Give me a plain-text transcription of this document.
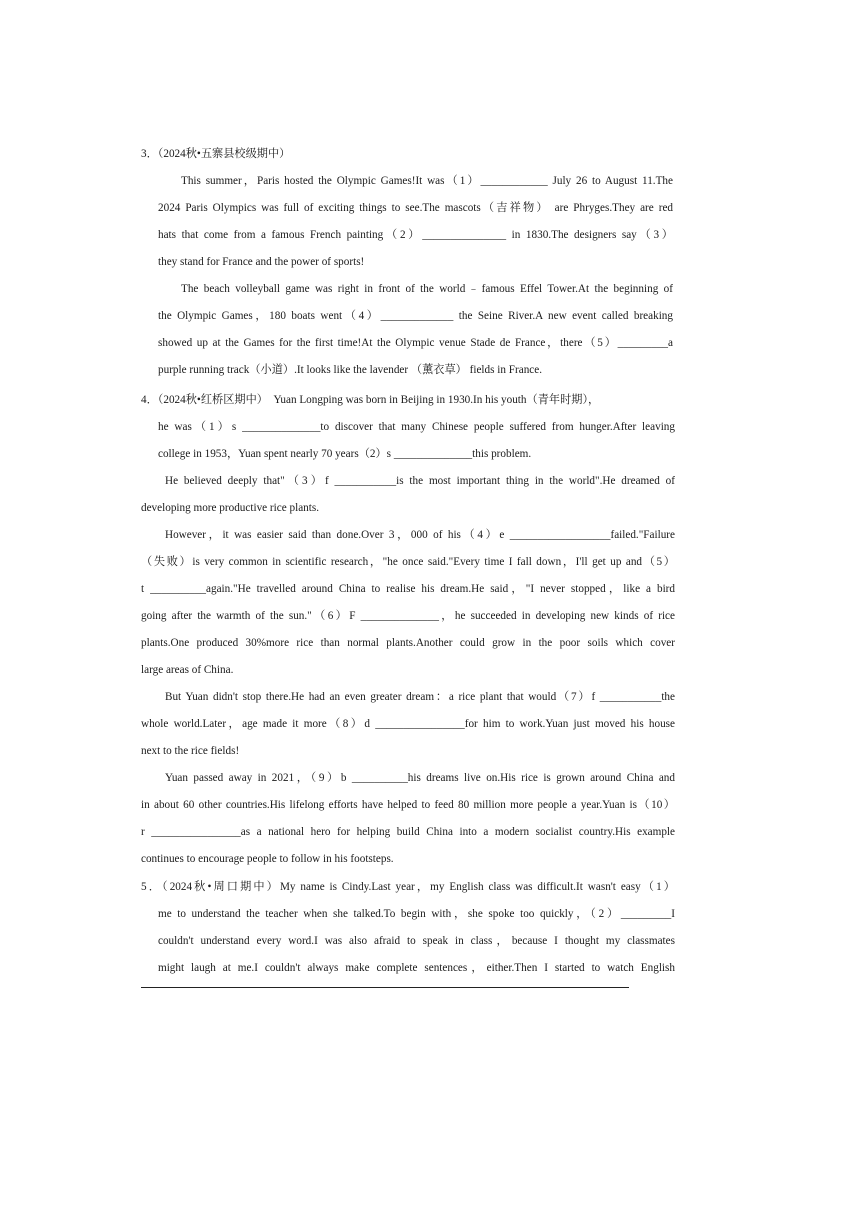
3．（2024秋•五寨县校级期中）
This summer，Paris hosted the Olympic Games!It was（1）____________ July 26 to August 11.The
2024 Paris Olympics was full of exciting things to see.The mascots（吉祥物） are Phryges.They are red
hats that come from a famous French painting（2）_______________ in 1830.The designers say（3）
they stand for France and the power of sports!
The beach volleyball game was right in front of the world﹣famous Effel Tower.At the beginning of
the Olympic Games，180 boats went（4）_____________ the Seine River.A new event called breaking
showed up at the Games for the first time!At the Olympic venue Stade de France，there（5）_________a
purple running track（小道）.It looks like the lavender （薰衣草） fields in France.
4．（2024秋•红桥区期中）　Yuan Longping was born in Beijing in 1930.In his youth（青年时期），
he was（1）s ______________to discover that many Chinese people suffered from hunger.After leaving
college in 1953，Yuan spent nearly 70 years（2）s ______________this problem.
He believed deeply that"（3）f ___________is the most important thing in the world".He dreamed of
developing more productive rice plants.
However，it was easier said than done.Over 3，000 of his（4）e __________________failed."Failure
（失败）is very common in scientific research，"he once said."Every time I fall down，I'll get up and（5）
t __________again."He travelled around China to realise his dream.He said，"I never stopped，like a bird
going after the warmth of the sun."（6）F ______________，he succeeded in developing new kinds of rice
plants.One produced 30%more rice than normal plants.Another could grow in the poor soils which cover
large areas of China.
But Yuan didn't stop there.He had an even greater dream：a rice plant that would（7）f ___________the
whole world.Later，age made it more（8）d ________________for him to work.Yuan just moved his house
next to the rice fields!
Yuan passed away in 2021，（9）b __________his dreams live on.His rice is grown around China and
in about 60 other countries.His lifelong efforts have helped to feed 80 million more people a year.Yuan is（10）
r ________________as a national hero for helping build China into a modern socialist country.His example
continues to encourage people to follow in his footsteps.
5．（2024秋•周口期中）My name is Cindy.Last year，my English class was difficult.It wasn't easy（1）
me to understand the teacher when she talked.To begin with，she spoke too quickly，（2）_________I
couldn't understand every word.I was also afraid to speak in class，because I thought my classmates
might laugh at me.I couldn't always make complete sentences，either.Then I started to watch English
